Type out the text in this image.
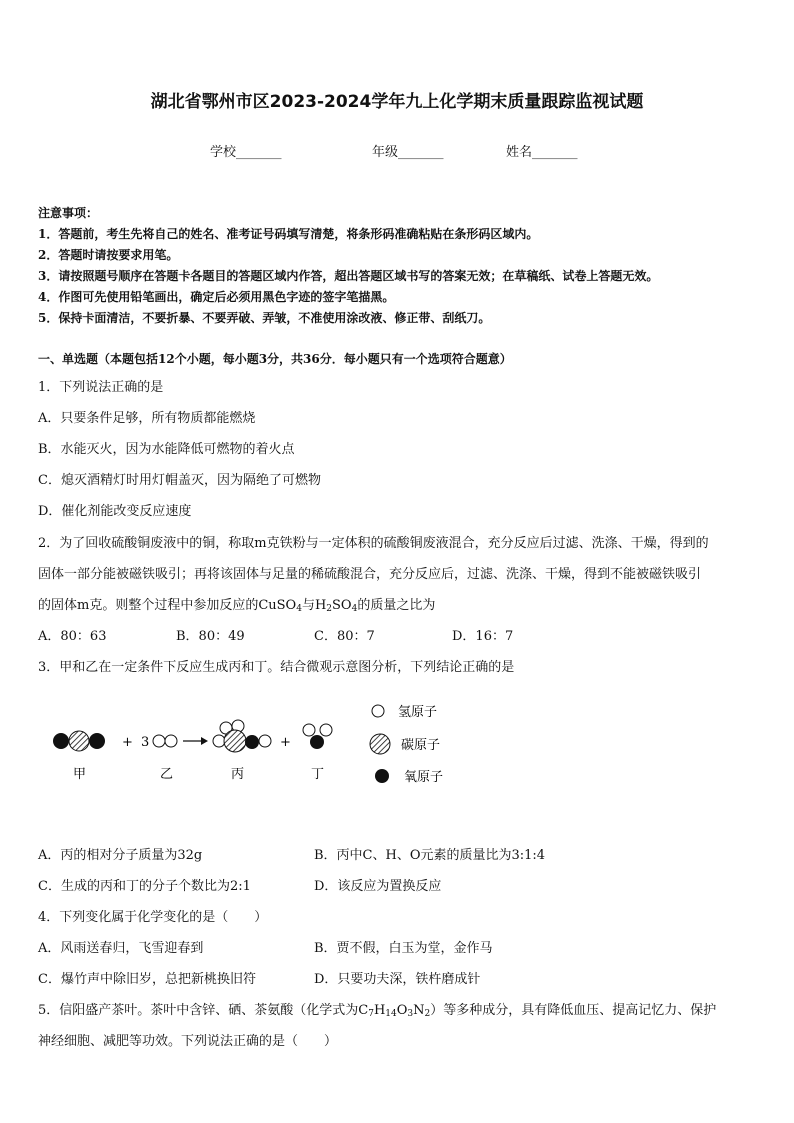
湖北省鄂州市区2023-2024学年九上化学期末质量跟踪监视试题
学校_______	年级_______	姓名_______
注意事项：
1．答题前，考生先将自己的姓名、准考证号码填写清楚，将条形码准确粘贴在条形码区域内。
2．答题时请按要求用笔。
3．请按照题号顺序在答题卡各题目的答题区域内作答，超出答题区域书写的答案无效；在草稿纸、试卷上答题无效。
4．作图可先使用铅笔画出，确定后必须用黑色字迹的签字笔描黑。
5．保持卡面清洁，不要折暴、不要弄破、弄皱，不准使用涂改液、修正带、刮纸刀。
一、单选题（本题包括12个小题，每小题3分，共36分．每小题只有一个选项符合题意）
1．下列说法正确的是
A．只要条件足够，所有物质都能燃烧
B．水能灭火，因为水能降低可燃物的着火点
C．熄灭酒精灯时用灯帽盖灭，因为隔绝了可燃物
D．催化剂能改变反应速度
2．为了回收硫酸铜废液中的铜，称取m克铁粉与一定体积的硫酸铜废液混合，充分反应后过滤、洗涤、干燥，得到的
固体一部分能被磁铁吸引；再将该固体与足量的稀硫酸混合，充分反应后，过滤、洗涤、干燥，得到不能被磁铁吸引
的固体m克。则整个过程中参加反应的CuSO$_4$与$H_2SO_4$的质量之比为
A．80：63	B．80：49	C．80：7	D．16：7
3．甲和乙在一定条件下反应生成丙和丁。结合微观示意图分析，下列结论正确的是
+ 3	+
甲	乙	丙	丁
氢原子
碳原子
氧原子
A．丙的相对分子质量为32g	B．丙中C、H、O元素的质量比为3:1:4
C．生成的丙和丁的分子个数比为2:1	D．该反应为置换反应
4．下列变化属于化学变化的是（　　）
A．风雨送春归，飞雪迎春到	B．贾不假，白玉为堂，金作马
C．爆竹声中除旧岁，总把新桃换旧符	D．只要功夫深，铁杵磨成针
5．信阳盛产茶叶。茶叶中含锌、硒、茶氨酸（化学式为$C_7H_{14}O_3N_2$）等多种成分，具有降低血压、提高记忆力、保护
神经细胞、减肥等功效。下列说法正确的是（　　）
